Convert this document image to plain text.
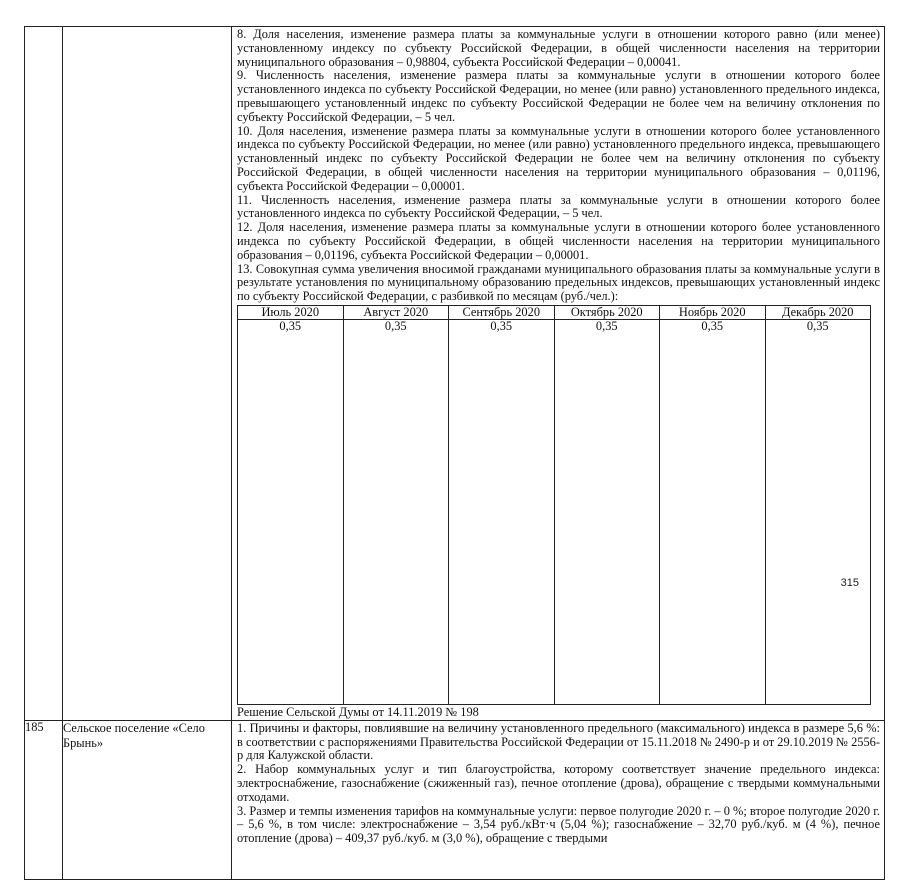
8. Доля населения, изменение размера платы за коммунальные услуги в отношении которого равно (или менее) установленному индексу по субъекту Российской Федерации, в общей численности населения на территории муниципального образования – 0,98804, субъекта Российской Федерации – 0,00041.

9. Численность населения, изменение размера платы за коммунальные услуги в отношении которого более установленного индекса по субъекту Российской Федерации, но менее (или равно) установленного предельного индекса, превышающего установленный индекс по субъекту Российской Федерации не более чем на величину отклонения по субъекту Российской Федерации, – 5 чел.

10. Доля населения, изменение размера платы за коммунальные услуги в отношении которого более установленного индекса по субъекту Российской Федерации, но менее (или равно) установленного предельного индекса, превышающего установленный индекс по субъекту Российской Федерации не более чем на величину отклонения по субъекту Российской Федерации, в общей численности населения на территории муниципального образования – 0,01196, субъекта Российской Федерации – 0,00001.

11. Численность населения, изменение размера платы за коммунальные услуги в отношении которого более установленного индекса по субъекту Российской Федерации, – 5 чел.

12. Доля населения, изменение размера платы за коммунальные услуги в отношении которого более установленного индекса по субъекту Российской Федерации, в общей численности населения на территории муниципального образования – 0,01196, субъекта Российской Федерации – 0,00001.

13. Совокупная сумма увеличения вносимой гражданами муниципального образования платы за коммунальные услуги в результате установления по муниципальному образованию предельных индексов, превышающих установленный индекс по субъекту Российской Федерации, с разбивкой по месяцам (руб./чел.):

Июль 2020	Август 2020	Сентябрь 2020	Октябрь 2020	Ноябрь 2020	Декабрь 2020
0,35	0,35	0,35	0,35	0,35	0,35

Решение Сельской Думы от 14.11.2019 № 198

185	Сельское поселение «Село Брынь»	

1. Причины и факторы, повлиявшие на величину установленного предельного (максимального) индекса в размере 5,6 %: в соответствии с распоряжениями Правительства Российской Федерации от 15.11.2018 № 2490-р и от 29.10.2019 № 2556-р для Калужской области.

2. Набор коммунальных услуг и тип благоустройства, которому соответствует значение предельного индекса: электроснабжение, газоснабжение (сжиженный газ), печное отопление (дрова), обращение с твердыми коммунальными отходами.

3. Размер и темпы изменения тарифов на коммунальные услуги: первое полугодие 2020 г. – 0 %; второе полугодие 2020 г. – 5,6 %, в том числе: электроснабжение – 3,54 руб./кВт·ч (5,04 %); газоснабжение – 32,70 руб./куб. м (4 %), печное отопление (дрова) – 409,37 руб./куб. м (3,0 %), обращение с твердыми

315
